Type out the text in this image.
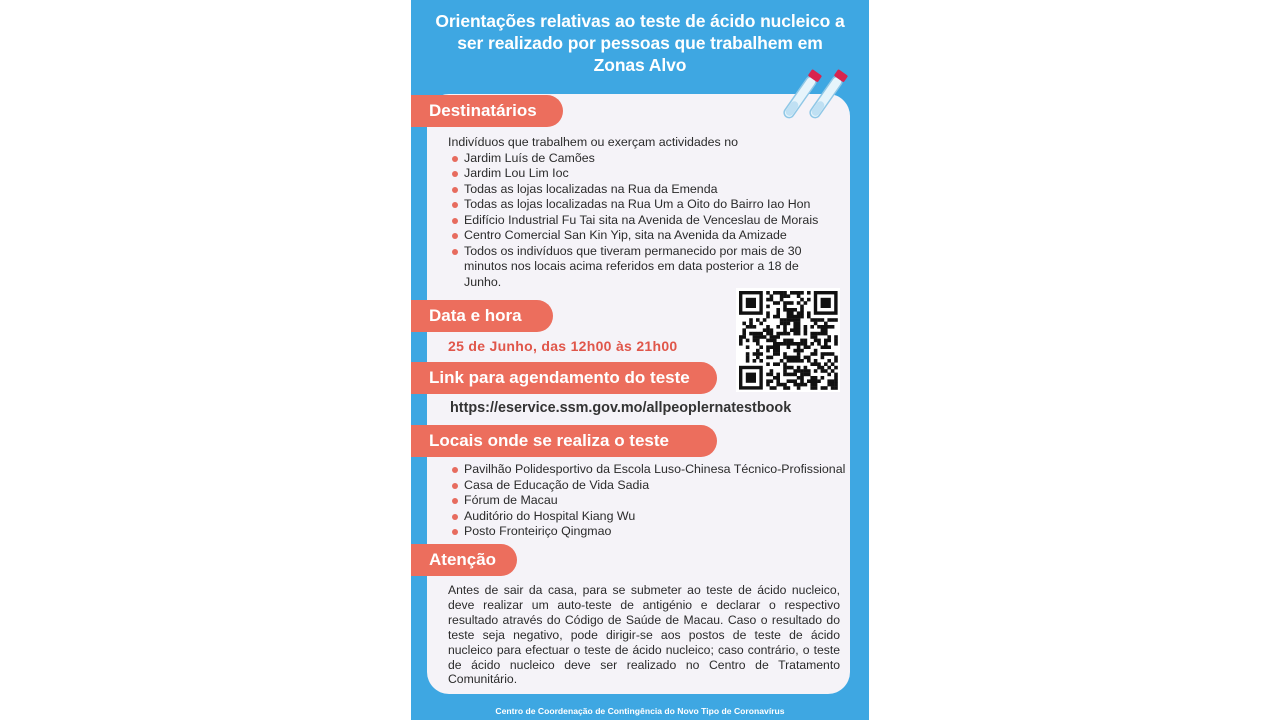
Orientações relativas ao teste de ácido nucleico a
ser realizado por pessoas que trabalhem em
Zonas Alvo
Destinatários
Indivíduos que trabalhem ou exerçam actividades no
Jardim Luís de Camões
Jardim Lou Lim Ioc
Todas as lojas localizadas na Rua da Emenda
Todas as lojas localizadas na Rua Um a Oito do Bairro Iao Hon
Edifício Industrial Fu Tai sita na Avenida de Venceslau de Morais
Centro Comercial San Kin Yip, sita na Avenida da Amizade
Todos os indivíduos que tiveram permanecido por mais de 30 minutos nos locais acima referidos em data posterior a 18 de Junho.
Data e hora
25 de Junho, das 12h00 às 21h00
Link para agendamento do teste
https://eservice.ssm.gov.mo/allpeoplernatestbook
Locais onde se realiza o teste
Pavilhão Polidesportivo da Escola Luso-Chinesa Técnico-Profissional
Casa de Educação de Vida Sadia
Fórum de Macau
Auditório do Hospital Kiang Wu
Posto Fronteiriço Qingmao
Atenção
Antes de sair da casa, para se submeter ao teste de ácido nucleico, deve realizar um auto-teste de antigénio e declarar o respectivo resultado através do Código de Saúde de Macau. Caso o resultado do teste seja negativo, pode dirigir-se aos postos de teste de ácido nucleico para efectuar o teste de ácido nucleico; caso contrário, o teste de ácido nucleico deve ser realizado no Centro de Tratamento Comunitário.
Centro de Coordenação de Contingência do Novo Tipo de Coronavírus
